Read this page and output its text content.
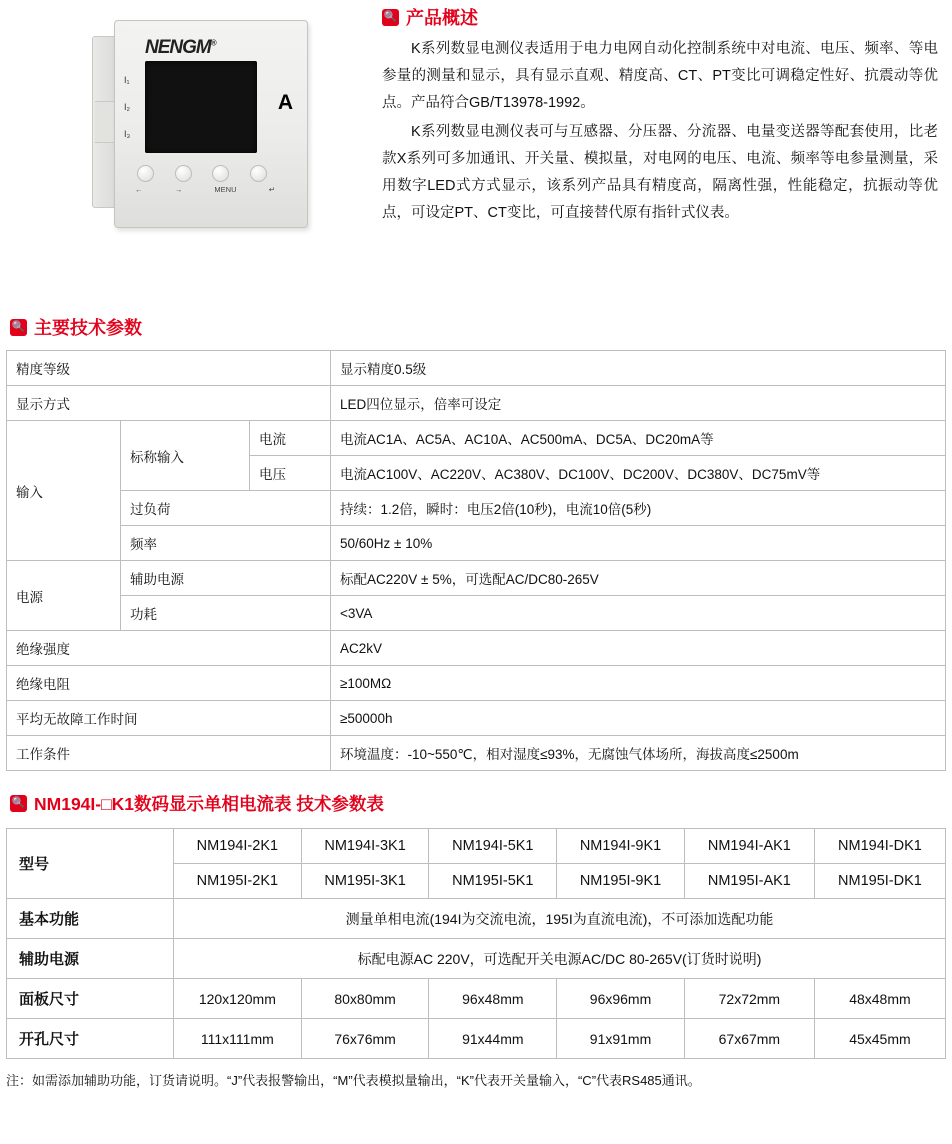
NENGM®
I₁
I₂
I₃
A
←	→	MENU	↵
🔍 产品概述

K系列数显电测仪表适用于电力电网自动化控制系统中对电流、电压、频率、等电参量的测量和显示，具有显示直观、精度高、CT、PT变比可调稳定性好、抗震动等优点。产品符合GB/T13978-1992。

K系列数显电测仪表可与互感器、分压器、分流器、电量变送器等配套使用，比老款X系列可多加通讯、开关量、模拟量，对电网的电压、电流、频率等电参量测量，采用数字LED式方式显示，该系列产品具有精度高，隔离性强，性能稳定，抗振动等优点，可设定PT、CT变比，可直接替代原有指针式仪表。

🔍 主要技术参数
精度等级			显示精度0.5级
显示方式			LED四位显示，倍率可设定
输入	标称输入	电流	电流AC1A、AC5A、AC10A、AC500mA、DC5A、DC20mA等
		电压	电流AC100V、AC220V、AC380V、DC100V、DC200V、DC380V、DC75mV等
	过负荷		持续：1.2倍，瞬时：电压2倍(10秒)，电流10倍(5秒)
	频率		50/60Hz ± 10%
电源	辅助电源		标配AC220V ± 5%，可选配AC/DC80-265V
	功耗		<3VA
绝缘强度			AC2kV
绝缘电阻			≥100MΩ
平均无故障工作时间			≥50000h
工作条件			环境温度：-10~550℃，相对湿度≤93%，无腐蚀气体场所，海拔高度≤2500m
🔍 NM194I-□K1数码显示单相电流表 技术参数表
型号	NM194I-2K1	NM194I-3K1	NM194I-5K1	NM194I-9K1	NM194I-AK1	NM194I-DK1
	NM195I-2K1	NM195I-3K1	NM195I-5K1	NM195I-9K1	NM195I-AK1	NM195I-DK1
基本功能	测量单相电流(194I为交流电流，195I为直流电流)，不可添加选配功能					
辅助电源	标配电源AC 220V，可选配开关电源AC/DC 80-265V(订货时说明)					
面板尺寸	120x120mm	80x80mm	96x48mm	96x96mm	72x72mm	48x48mm
开孔尺寸	111x111mm	76x76mm	91x44mm	91x91mm	67x67mm	45x45mm
注：如需添加辅助功能，订货请说明。“J”代表报警输出，“M”代表模拟量输出，“K”代表开关量输入，“C”代表RS485通讯。
